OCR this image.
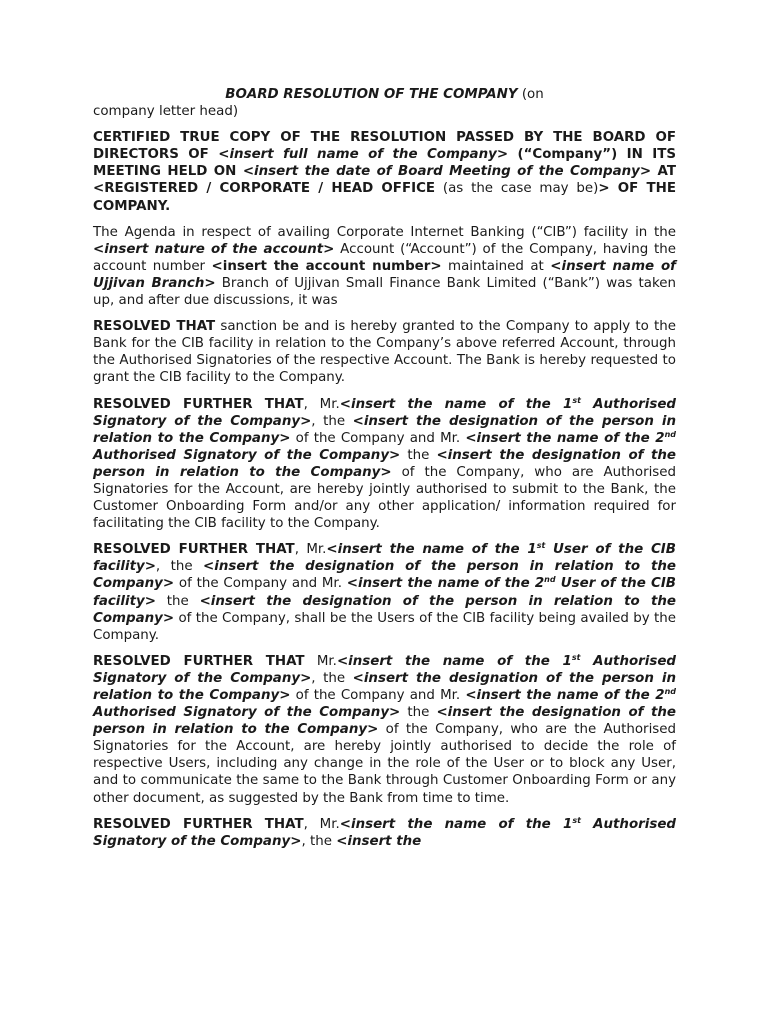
BOARD RESOLUTION OF THE COMPANY (on
company letter head)

CERTIFIED TRUE COPY OF THE RESOLUTION PASSED BY THE BOARD OF DIRECTORS OF <insert full name of the Company> (“Company”) IN ITS MEETING HELD ON <insert the date of Board Meeting of the Company> AT <REGISTERED / CORPORATE / HEAD OFFICE (as the case may be)> OF THE COMPANY.

The Agenda in respect of availing Corporate Internet Banking (“CIB”) facility in the <insert nature of the account> Account (“Account”) of the Company, having the account number <insert the account number> maintained at <insert name of Ujjivan Branch> Branch of Ujjivan Small Finance Bank Limited (“Bank”) was taken up, and after due discussions, it was

RESOLVED THAT sanction be and is hereby granted to the Company to apply to the Bank for the CIB facility in relation to the Company’s above referred Account, through the Authorised Signatories of the respective Account. The Bank is hereby requested to grant the CIB facility to the Company.

RESOLVED FURTHER THAT, Mr.<insert the name of the 1st Authorised Signatory of the Company>, the <insert the designation of the person in relation to the Company> of the Company and Mr. <insert the name of the 2nd Authorised Signatory of the Company> the <insert the designation of the person in relation to the Company> of the Company, who are Authorised Signatories for the Account, are hereby jointly authorised to submit to the Bank, the Customer Onboarding Form and/or any other application/ information required for facilitating the CIB facility to the Company.

RESOLVED FURTHER THAT, Mr.<insert the name of the 1st User of the CIB facility>, the <insert the designation of the person in relation to the Company> of the Company and Mr. <insert the name of the 2nd User of the CIB facility> the <insert the designation of the person in relation to the Company> of the Company, shall be the Users of the CIB facility being availed by the Company.

RESOLVED FURTHER THAT Mr.<insert the name of the 1st Authorised Signatory of the Company>, the <insert the designation of the person in relation to the Company> of the Company and Mr. <insert the name of the 2nd Authorised Signatory of the Company> the <insert the designation of the person in relation to the Company> of the Company, who are the Authorised Signatories for the Account, are hereby jointly authorised to decide the role of respective Users, including any change in the role of the User or to block any User, and to communicate the same to the Bank through Customer Onboarding Form or any other document, as suggested by the Bank from time to time.

RESOLVED FURTHER THAT, Mr.<insert the name of the 1st Authorised Signatory of the Company>, the <insert the
